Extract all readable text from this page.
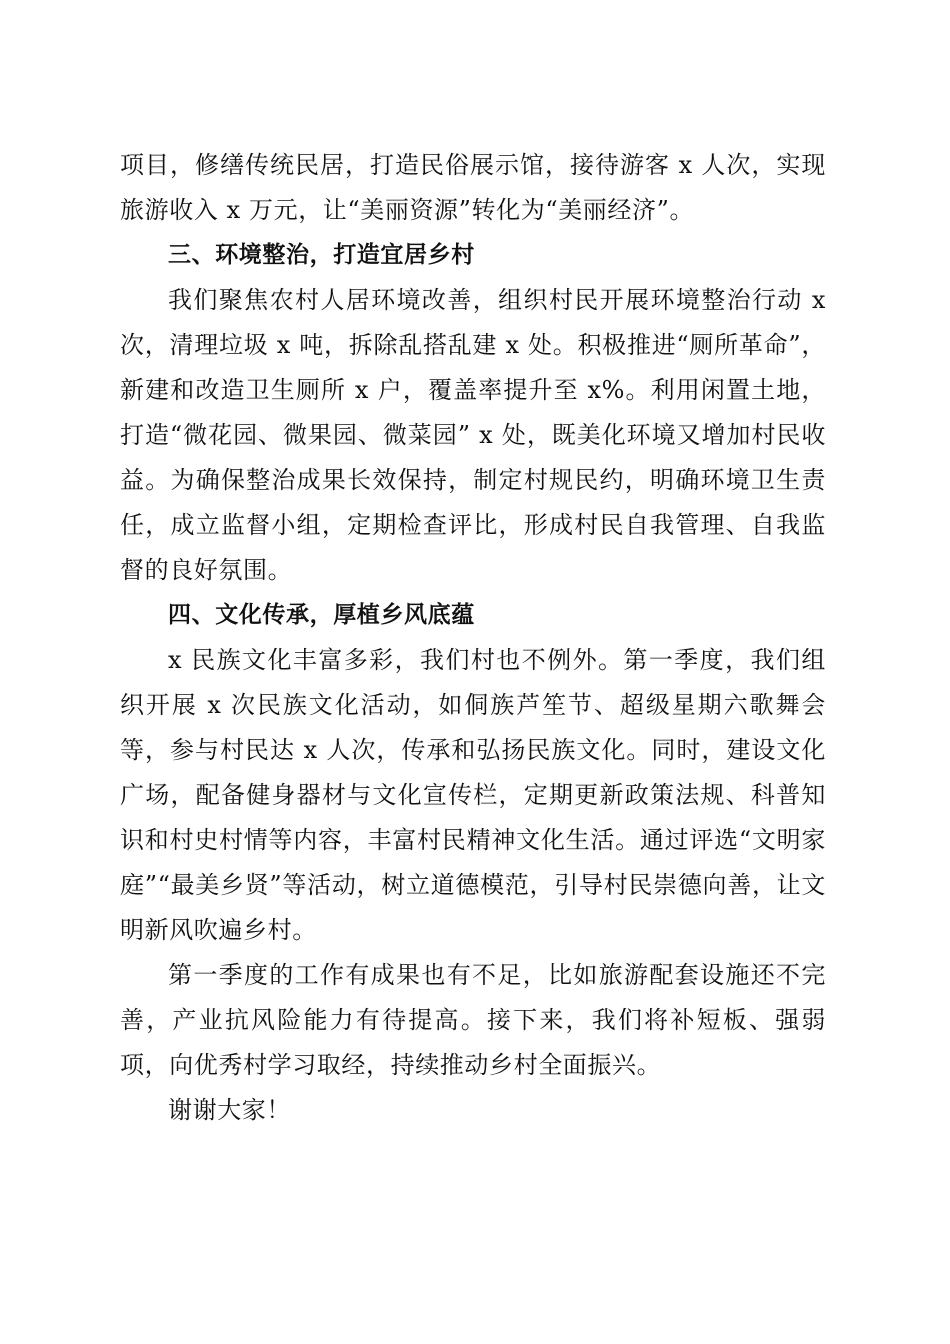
项目，修缮传统民居，打造民俗展示馆，接待游客 x 人次，实现旅游收入 x 万元，让“美丽资源”转化为“美丽经济”。

三、环境整治，打造宜居乡村

我们聚焦农村人居环境改善，组织村民开展环境整治行动 x 次，清理垃圾 x 吨，拆除乱搭乱建 x 处。积极推进“厕所革命”，新建和改造卫生厕所 x 户，覆盖率提升至 x%。利用闲置土地，打造“微花园、微果园、微菜园” x 处，既美化环境又增加村民收益。为确保整治成果长效保持，制定村规民约，明确环境卫生责任，成立监督小组，定期检查评比，形成村民自我管理、自我监督的良好氛围。

四、文化传承，厚植乡风底蕴

x 民族文化丰富多彩，我们村也不例外。第一季度，我们组织开展 x 次民族文化活动，如侗族芦笙节、超级星期六歌舞会等，参与村民达 x 人次，传承和弘扬民族文化。同时，建设文化广场，配备健身器材与文化宣传栏，定期更新政策法规、科普知识和村史村情等内容，丰富村民精神文化生活。通过评选“文明家庭”“最美乡贤”等活动，树立道德模范，引导村民崇德向善，让文明新风吹遍乡村。

第一季度的工作有成果也有不足，比如旅游配套设施还不完善，产业抗风险能力有待提高。接下来，我们将补短板、强弱项，向优秀村学习取经，持续推动乡村全面振兴。

谢谢大家！
